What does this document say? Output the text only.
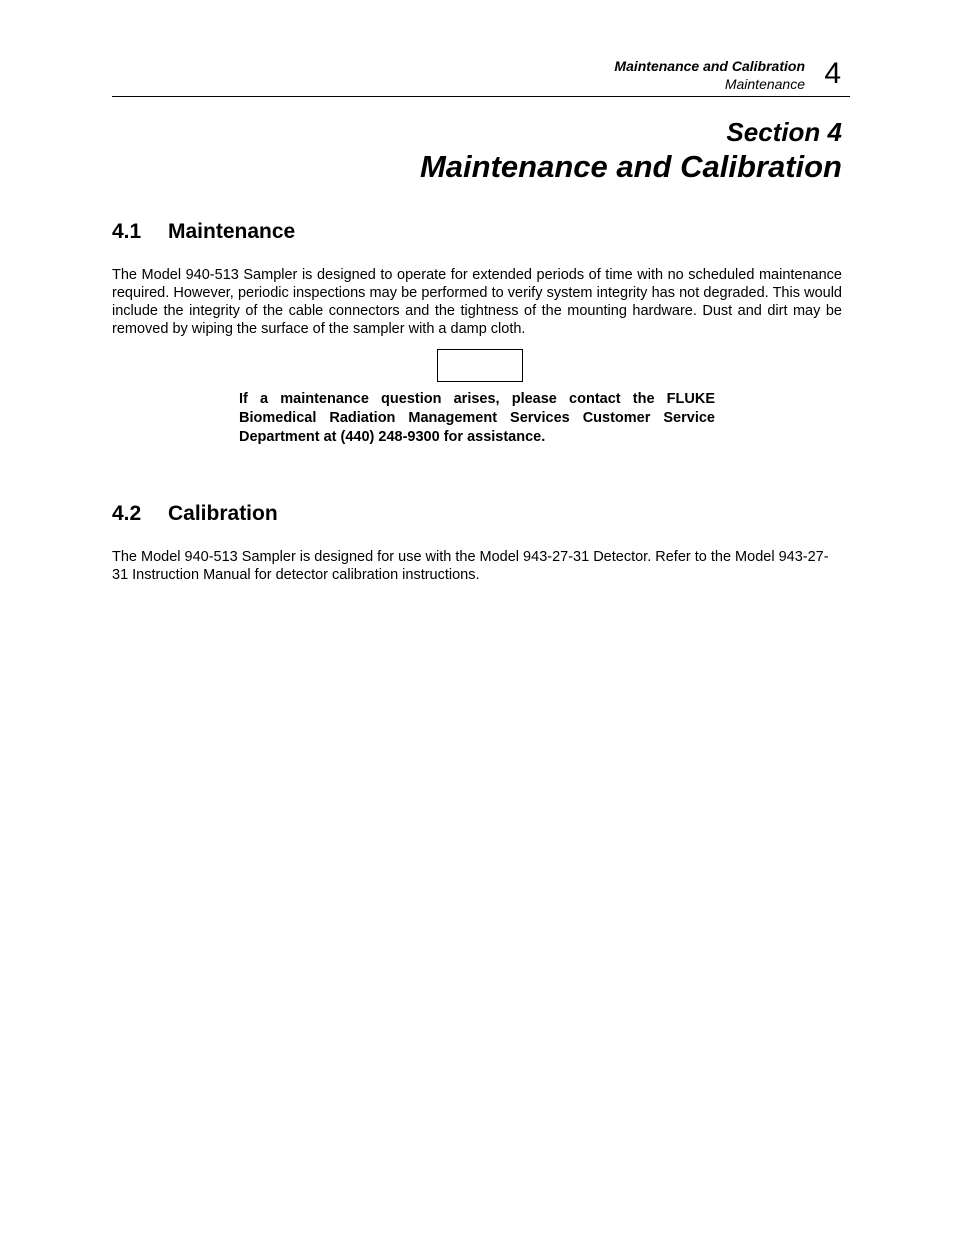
Maintenance and Calibration
Maintenance 4
Section 4
Maintenance and Calibration
4.1 Maintenance

The Model 940-513 Sampler is designed to operate for extended periods of time with no scheduled maintenance required. However, periodic inspections may be performed to verify system integrity has not degraded. This would include the integrity of the cable connectors and the tightness of the mounting hardware. Dust and dirt may be removed by wiping the surface of the sampler with a damp cloth.

If a maintenance question arises, please contact the FLUKE Biomedical Radiation Management Services Customer Service Department at (440) 248-9300 for assistance.

4.2 Calibration

The Model 940-513 Sampler is designed for use with the Model 943-27-31 Detector. Refer to the Model 943-27-31 Instruction Manual for detector calibration instructions.
